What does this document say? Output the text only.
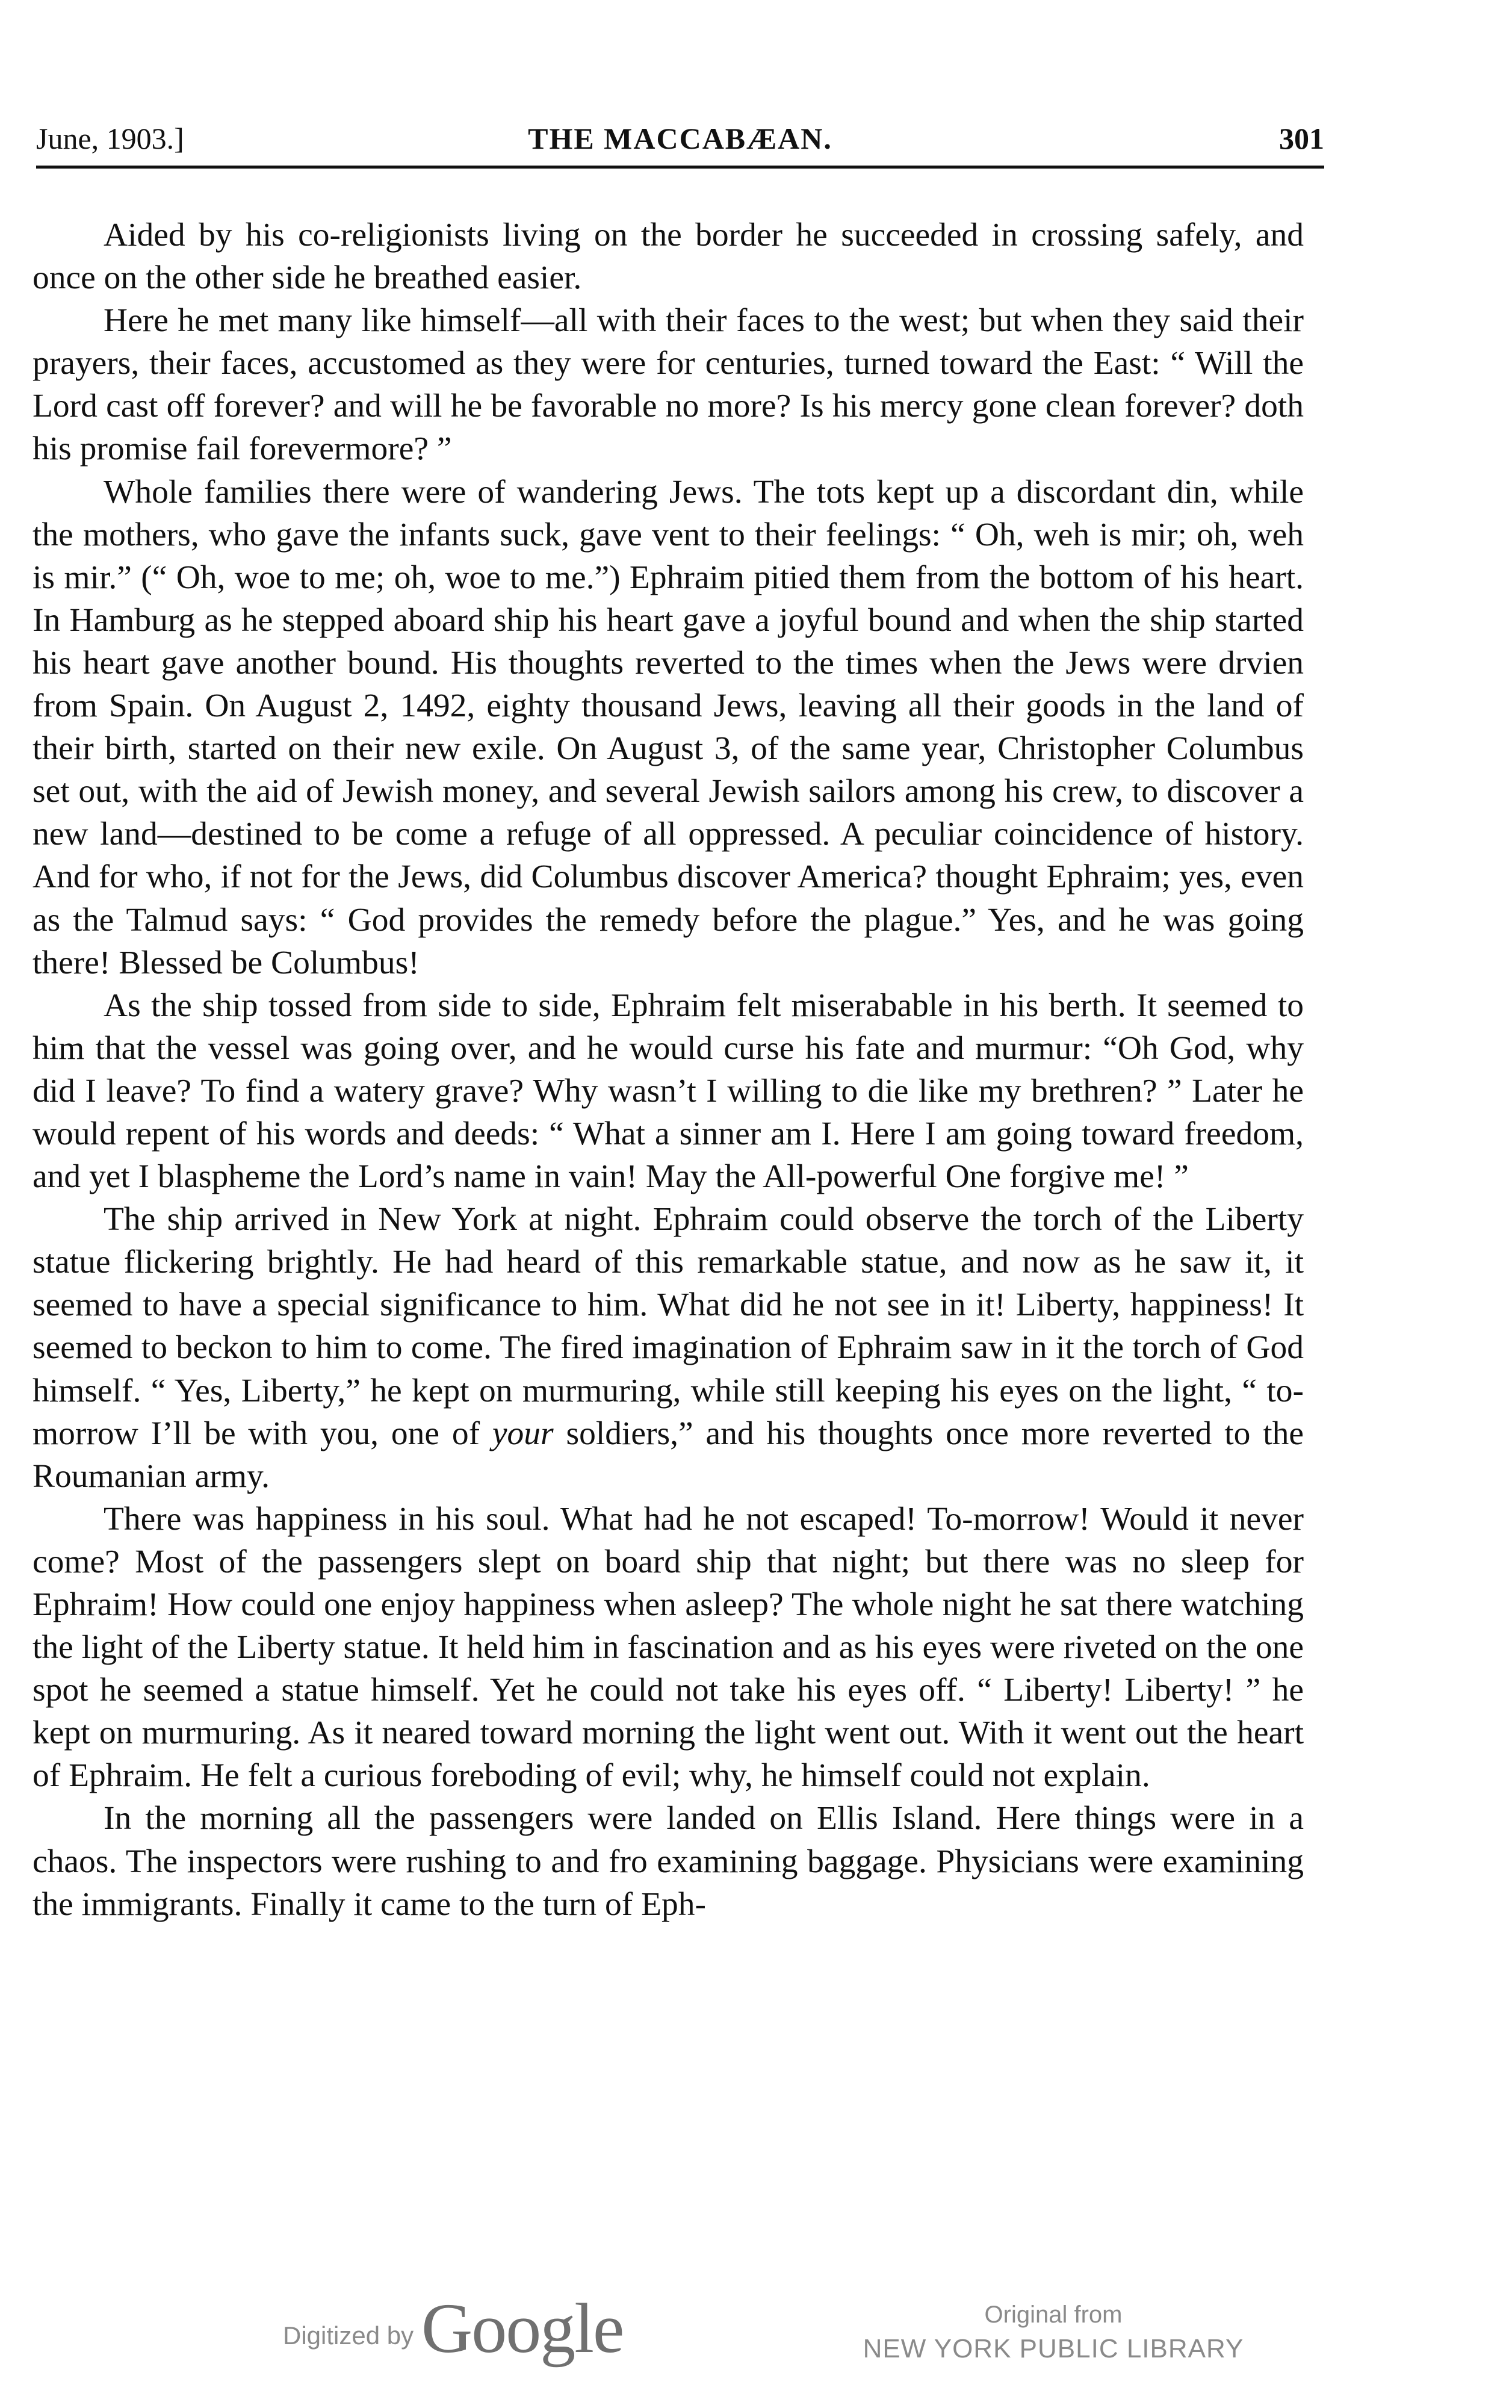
June, 1903.]	THE MACCABÆAN.	301

Aided by his co-religionists living on the border he succeeded in crossing safely, and once on the other side he breathed easier.

Here he met many like himself—all with their faces to the west; but when they said their prayers, their faces, accustomed as they were for centuries, turned toward the East: “ Will the Lord cast off forever? and will he be favorable no more? Is his mercy gone clean forever? doth his promise fail forevermore? ”

Whole families there were of wandering Jews. The tots kept up a discordant din, while the mothers, who gave the infants suck, gave vent to their feelings: “ Oh, weh is mir; oh, weh is mir.” (“ Oh, woe to me; oh, woe to me.”) Ephraim pitied them from the bottom of his heart. In Hamburg as he stepped aboard ship his heart gave a joyful bound and when the ship started his heart gave another bound. His thoughts reverted to the times when the Jews were drvien from Spain. On August 2, 1492, eighty thousand Jews, leaving all their goods in the land of their birth, started on their new exile. On August 3, of the same year, Christopher Columbus set out, with the aid of Jewish money, and several Jewish sailors among his crew, to discover a new land—destined to be come a refuge of all oppressed. A peculiar coincidence of history. And for who, if not for the Jews, did Columbus discover America? thought Ephraim; yes, even as the Talmud says: “ God provides the remedy before the plague.” Yes, and he was going there! Blessed be Columbus!

As the ship tossed from side to side, Ephraim felt miserabable in his berth. It seemed to him that the vessel was going over, and he would curse his fate and murmur: “Oh God, why did I leave? To find a watery grave? Why wasn’t I willing to die like my brethren? ” Later he would repent of his words and deeds: “ What a sinner am I. Here I am going toward freedom, and yet I blaspheme the Lord’s name in vain! May the All-powerful One forgive me! ”

The ship arrived in New York at night. Ephraim could observe the torch of the Liberty statue flickering brightly. He had heard of this remarkable statue, and now as he saw it, it seemed to have a special significance to him. What did he not see in it! Liberty, happiness! It seemed to beckon to him to come. The fired imagination of Ephraim saw in it the torch of God himself. “ Yes, Liberty,” he kept on murmuring, while still keeping his eyes on the light, “ to-morrow I’ll be with you, one of your soldiers,” and his thoughts once more reverted to the Roumanian army.

There was happiness in his soul. What had he not escaped! To-morrow! Would it never come? Most of the passengers slept on board ship that night; but there was no sleep for Ephraim! How could one enjoy happiness when asleep? The whole night he sat there watching the light of the Liberty statue. It held him in fascination and as his eyes were riveted on the one spot he seemed a statue himself. Yet he could not take his eyes off. “ Liberty! Liberty! ” he kept on murmuring. As it neared toward morning the light went out. With it went out the heart of Ephraim. He felt a curious foreboding of evil; why, he himself could not explain.

In the morning all the passengers were landed on Ellis Island. Here things were in a chaos. The inspectors were rushing to and fro examining baggage. Physicians were examining the immigrants. Finally it came to the turn of Eph-

Digitized by Google	Original from
NEW YORK PUBLIC LIBRARY
